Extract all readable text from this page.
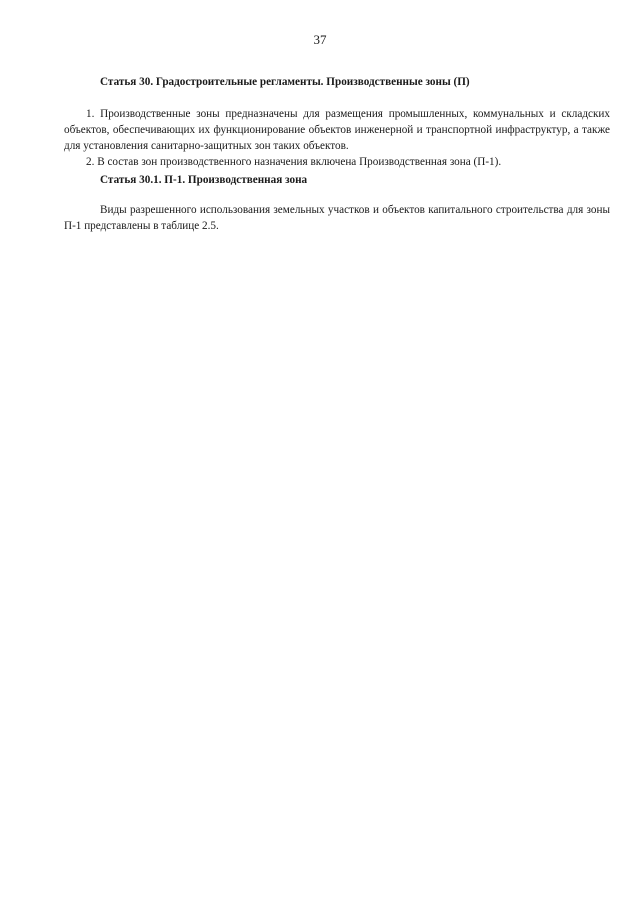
37

Статья 30. Градостроительные регламенты. Производственные зоны (П)

1. Производственные зоны предназначены для размещения промышленных, коммунальных и складских объектов, обеспечивающих их функционирование объектов инженерной и транспортной инфраструктур, а также для установления санитарно-защитных зон таких объектов.

2. В состав зон производственного назначения включена Производственная зона (П-1).

Статья 30.1. П-1. Производственная зона

Виды разрешенного использования земельных участков и объектов капитального строительства для зоны П-1 представлены в таблице 2.5.
